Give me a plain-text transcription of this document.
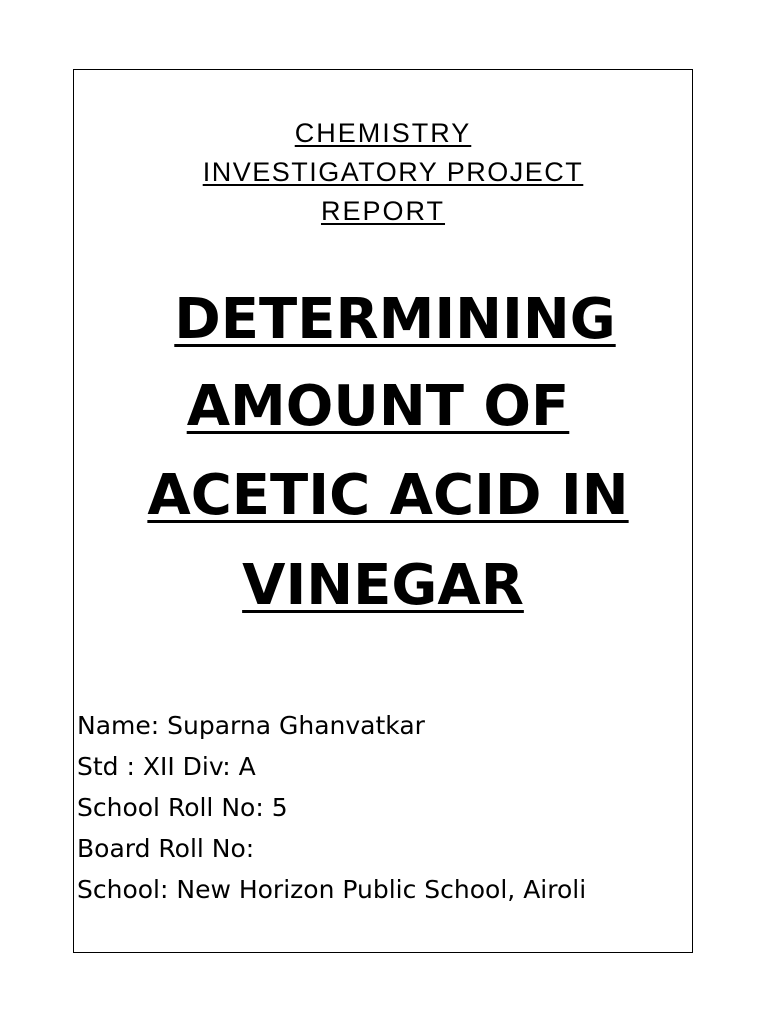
CHEMISTRY
INVESTIGATORY PROJECT
REPORT
DETERMINING
AMOUNT OF
ACETIC ACID IN
VINEGAR
Name: Suparna Ghanvatkar
Std : XII Div: A
School Roll No: 5
Board Roll No:
School: New Horizon Public School, Airoli
